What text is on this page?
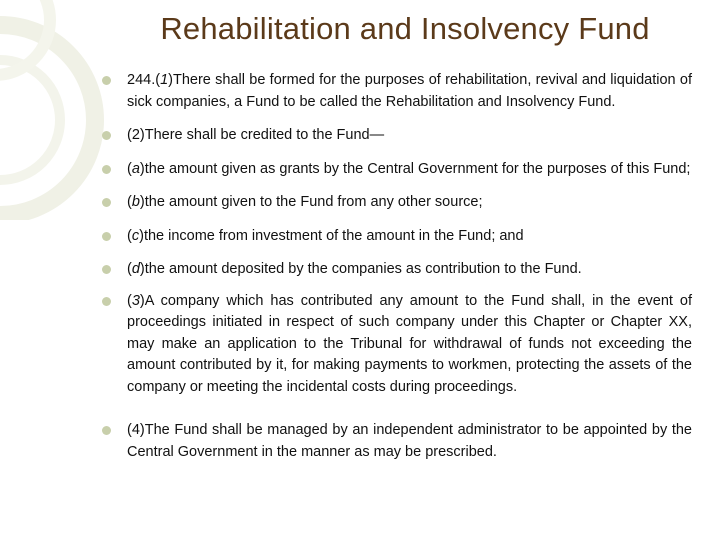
Rehabilitation and Insolvency Fund
244.(1)There shall be formed for the purposes of rehabilitation, revival and liquidation of sick companies, a Fund to be called the Rehabilitation and Insolvency Fund.
(2)There shall be credited to the Fund—
(a)the amount given as grants by the Central Government for the purposes of this Fund;
(b)the amount given to the Fund from any other source;
(c)the income from investment of the amount in the Fund; and
(d)the amount deposited by the companies as contribution to the Fund.
(3)A company which has contributed any amount to the Fund shall, in the event of proceedings initiated in respect of such company under this Chapter or Chapter XX, may make an application to the Tribunal for withdrawal of funds not exceeding the amount contributed by it, for making payments to workmen, protecting the assets of the company or meeting the incidental costs during proceedings.
(4)The Fund shall be managed by an independent administrator to be appointed by the Central Government in the manner as may be prescribed.
